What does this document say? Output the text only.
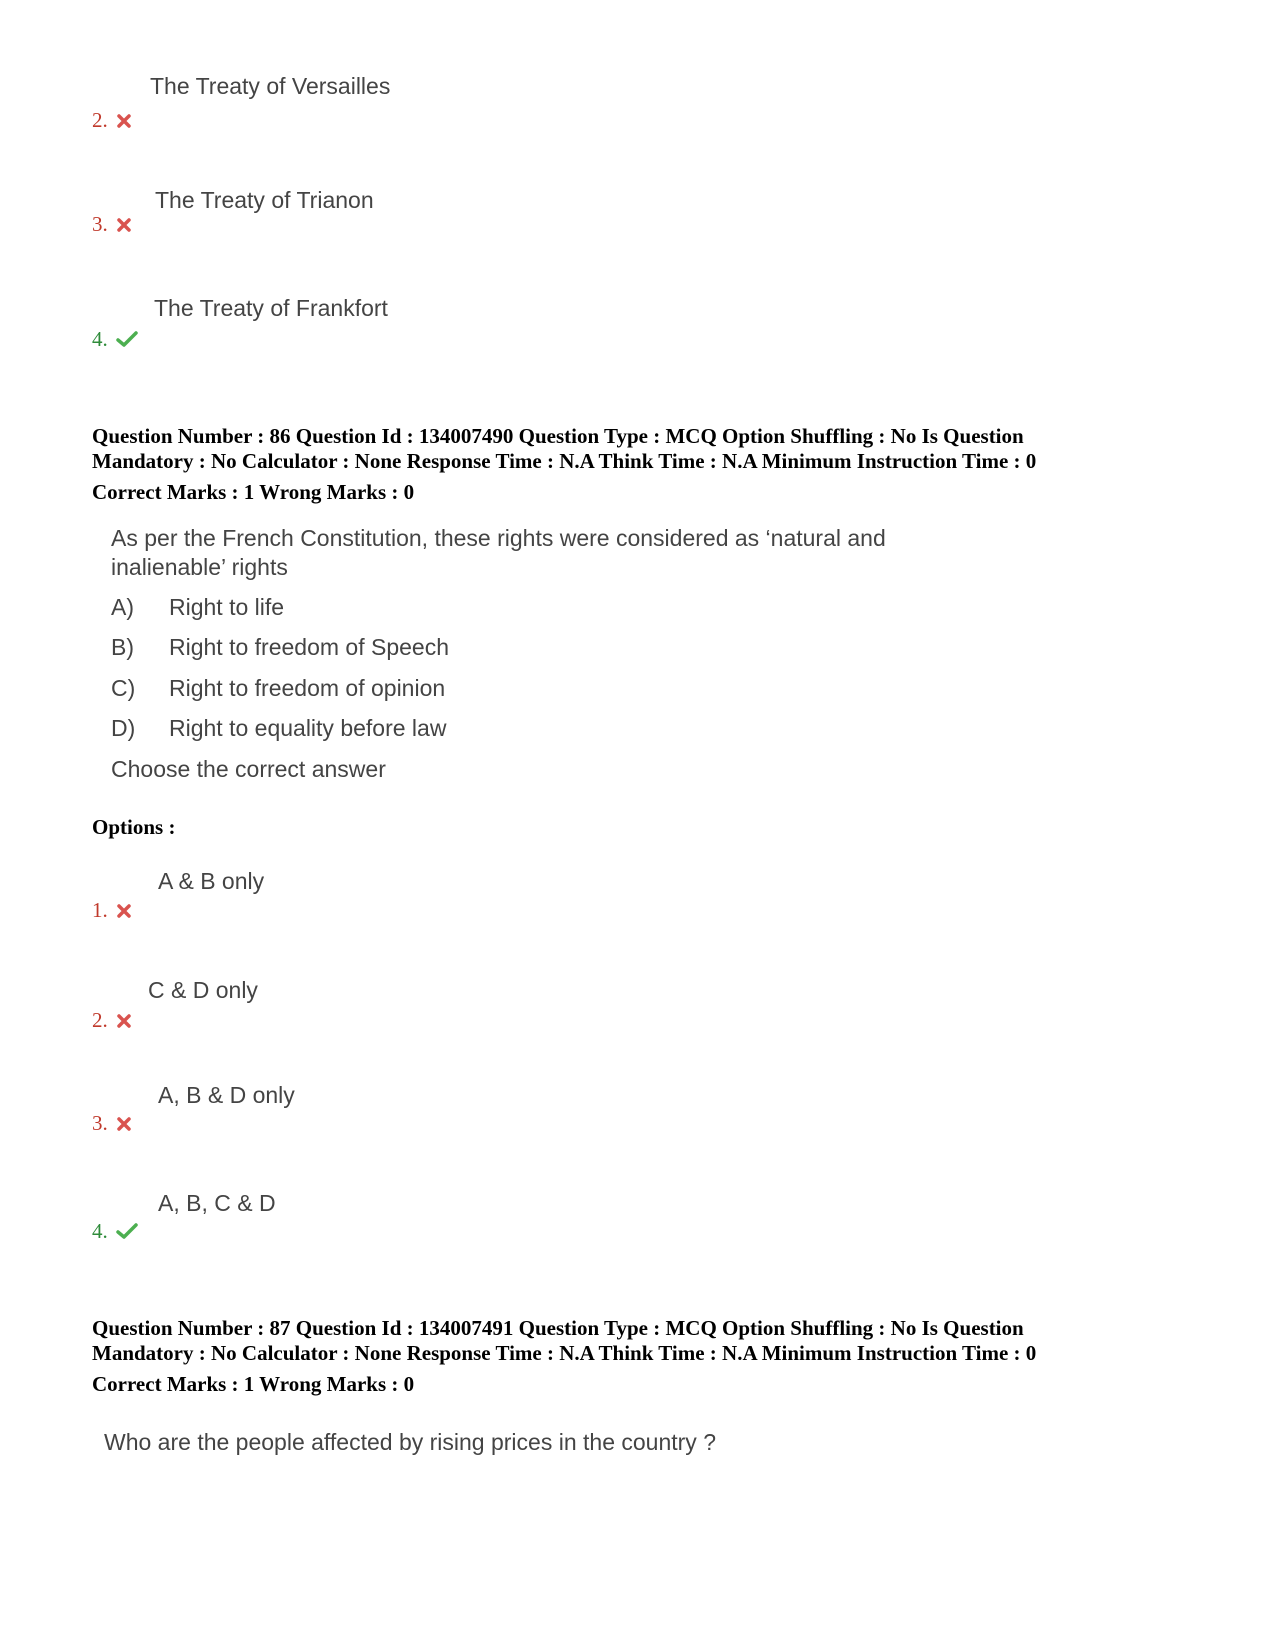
The Treaty of Versailles
2.
The Treaty of Trianon
3.
The Treaty of Frankfort
4.
Question Number : 86 Question Id : 134007490 Question Type : MCQ Option Shuffling : No Is Question
Mandatory : No Calculator : None Response Time : N.A Think Time : N.A Minimum Instruction Time : 0
Correct Marks : 1 Wrong Marks : 0
As per the French Constitution, these rights were considered as ‘natural and
inalienable’ rights
A) Right to life
B) Right to freedom of Speech
C) Right to freedom of opinion
D) Right to equality before law
Choose the correct answer
Options :
A & B only
1.
C & D only
2.
A, B & D only
3.
A, B, C & D
4.
Question Number : 87 Question Id : 134007491 Question Type : MCQ Option Shuffling : No Is Question
Mandatory : No Calculator : None Response Time : N.A Think Time : N.A Minimum Instruction Time : 0
Correct Marks : 1 Wrong Marks : 0
Who are the people affected by rising prices in the country ?
